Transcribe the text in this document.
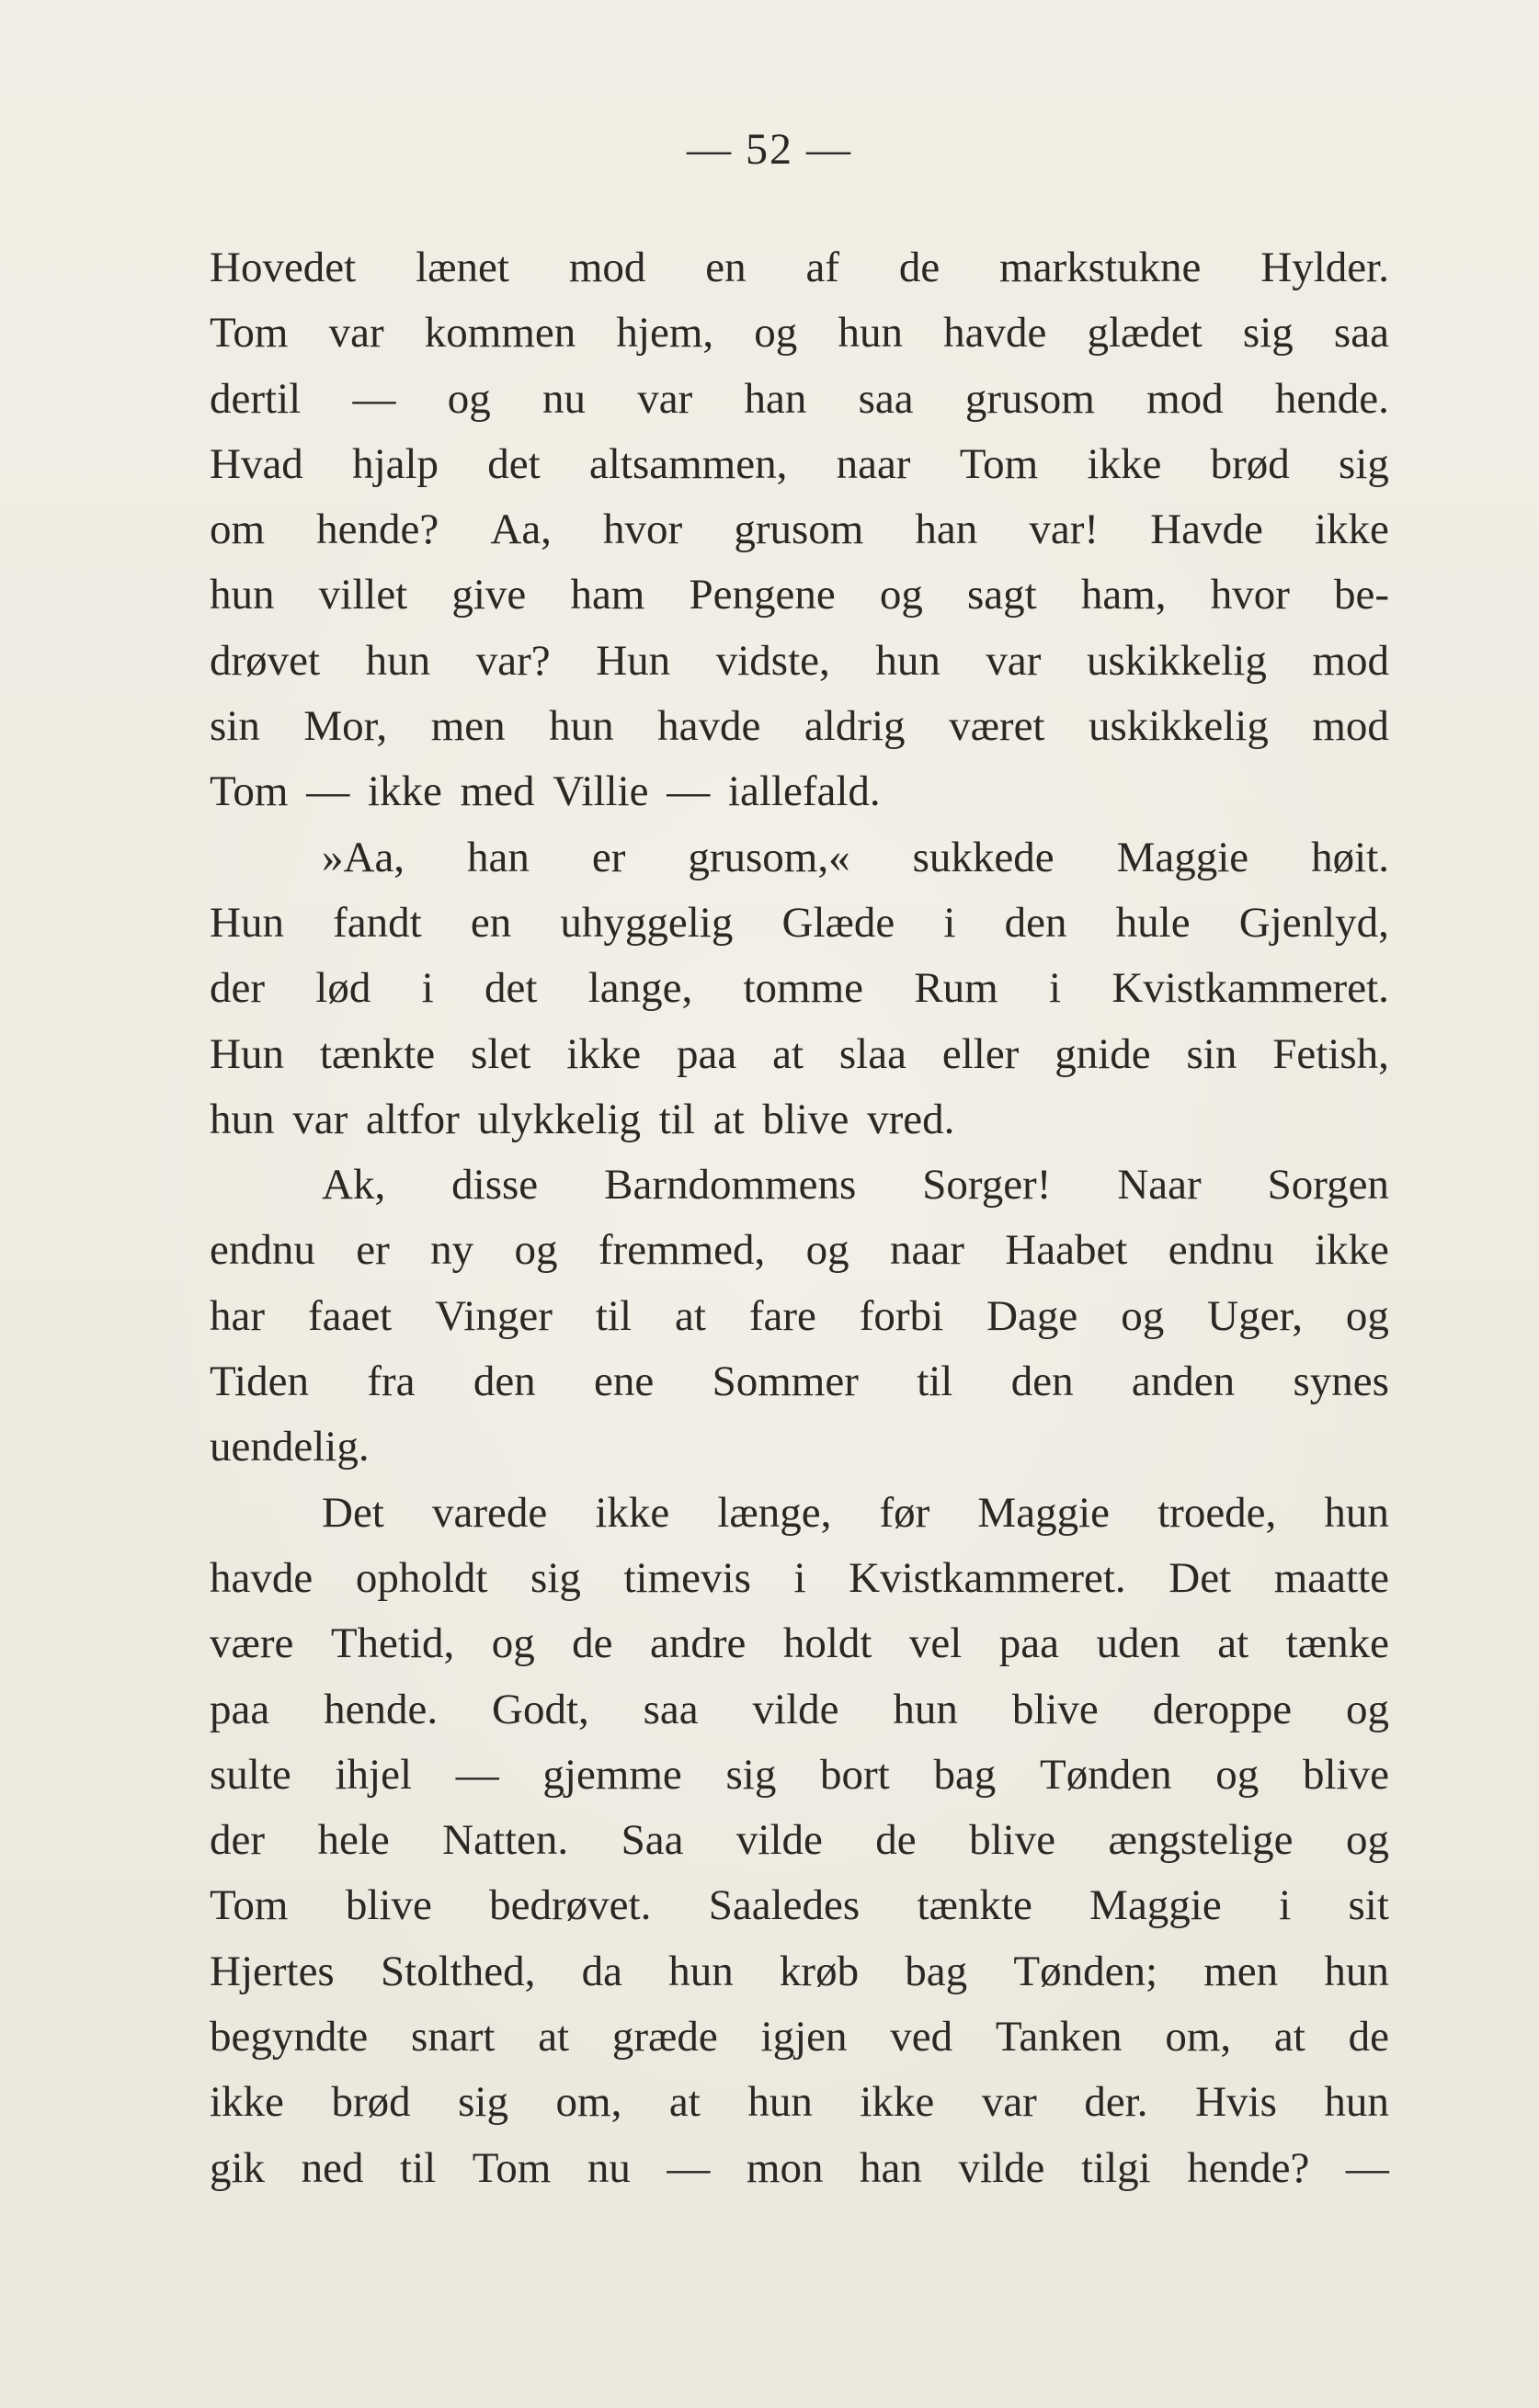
— 52 —
Hovedet lænet mod en af de markstukne Hylder.
Tom var kommen hjem, og hun havde glædet sig saa
dertil — og nu var han saa grusom mod hende.
Hvad hjalp det altsammen, naar Tom ikke brød sig
om hende? Aa, hvor grusom han var! Havde ikke
hun villet give ham Pengene og sagt ham, hvor be-
drøvet hun var? Hun vidste, hun var uskikkelig mod
sin Mor, men hun havde aldrig været uskikkelig mod
Tom — ikke med Villie — iallefald.
»Aa, han er grusom,« sukkede Maggie høit.
Hun fandt en uhyggelig Glæde i den hule Gjenlyd,
der lød i det lange, tomme Rum i Kvistkammeret.
Hun tænkte slet ikke paa at slaa eller gnide sin Fetish,
hun var altfor ulykkelig til at blive vred.
Ak, disse Barndommens Sorger! Naar Sorgen
endnu er ny og fremmed, og naar Haabet endnu ikke
har faaet Vinger til at fare forbi Dage og Uger, og
Tiden fra den ene Sommer til den anden synes
uendelig.
Det varede ikke længe, før Maggie troede, hun
havde opholdt sig timevis i Kvistkammeret. Det maatte
være Thetid, og de andre holdt vel paa uden at tænke
paa hende. Godt, saa vilde hun blive deroppe og
sulte ihjel — gjemme sig bort bag Tønden og blive
der hele Natten. Saa vilde de blive ængstelige og
Tom blive bedrøvet. Saaledes tænkte Maggie i sit
Hjertes Stolthed, da hun krøb bag Tønden; men hun
begyndte snart at græde igjen ved Tanken om, at de
ikke brød sig om, at hun ikke var der. Hvis hun
gik ned til Tom nu — mon han vilde tilgi hende? —
